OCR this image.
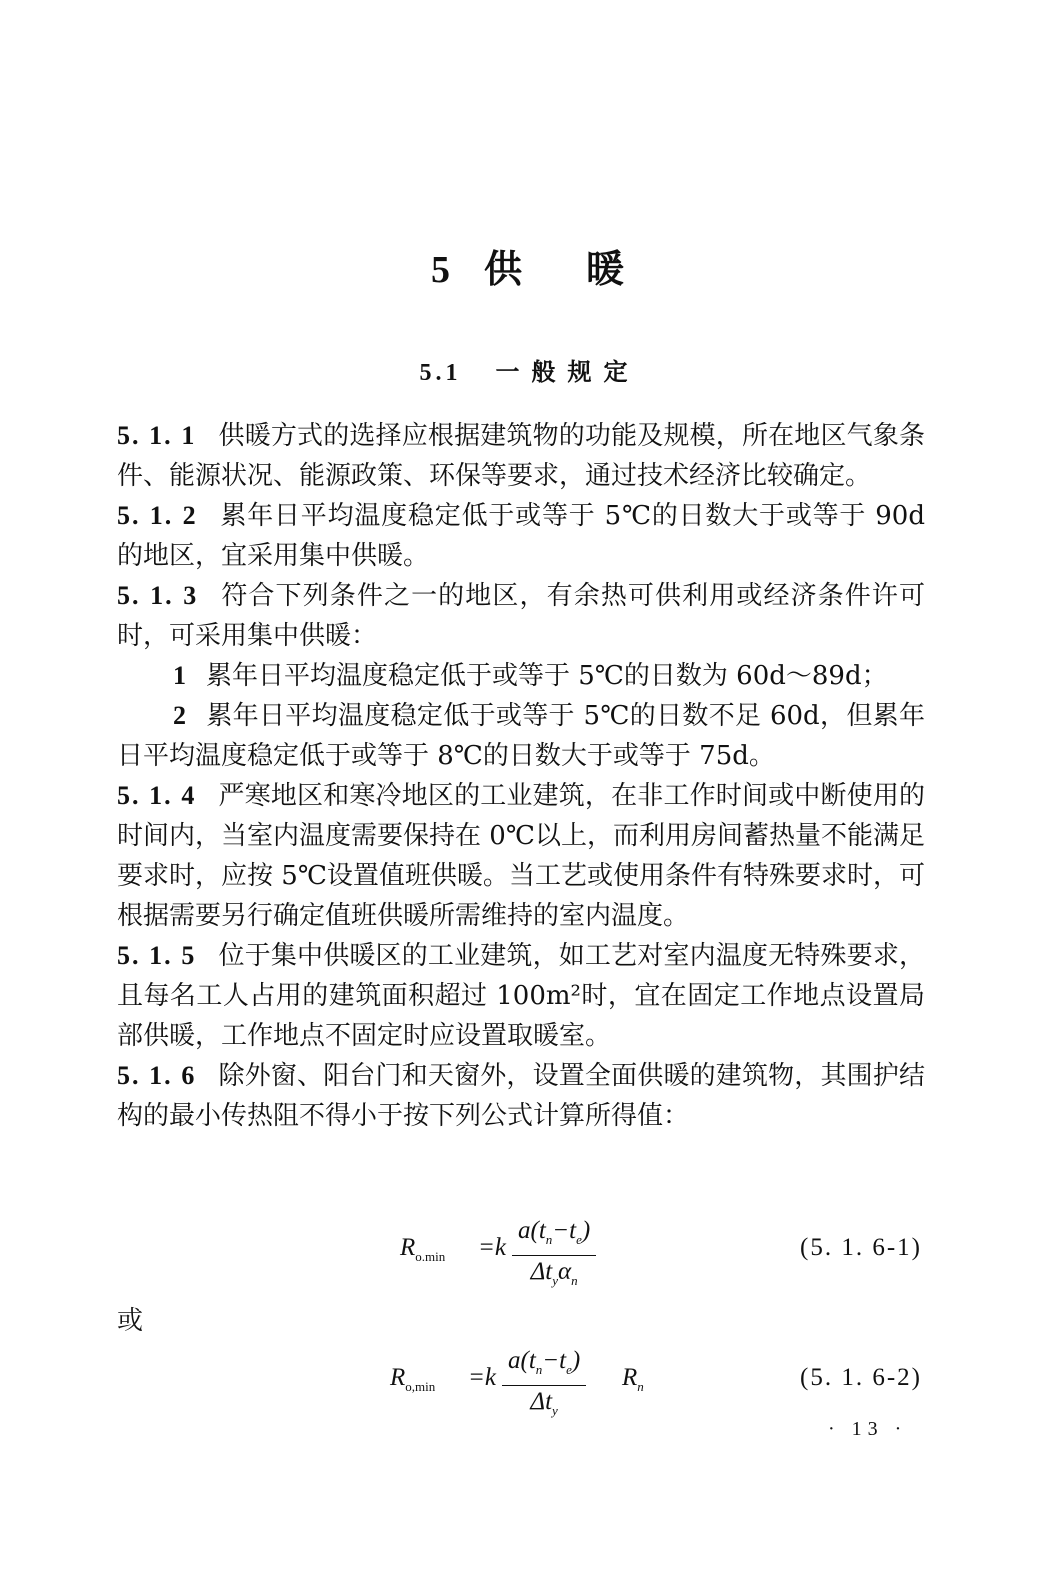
5 供 暖
5.1 一般规定

5. 1. 1 供暖方式的选择应根据建筑物的功能及规模，所在地区气象条件、能源状况、能源政策、环保等要求，通过技术经济比较确定。

5. 1. 2 累年日平均温度稳定低于或等于 5℃的日数大于或等于 90d 的地区，宜采用集中供暖。

5. 1. 3 符合下列条件之一的地区，有余热可供利用或经济条件许可时，可采用集中供暖：

1 累年日平均温度稳定低于或等于 5℃的日数为 60d～89d；

2 累年日平均温度稳定低于或等于 5℃的日数不足 60d，但累年日平均温度稳定低于或等于 8℃的日数大于或等于 75d。

5. 1. 4 严寒地区和寒冷地区的工业建筑，在非工作时间或中断使用的时间内，当室内温度需要保持在 0℃以上，而利用房间蓄热量不能满足要求时，应按 5℃设置值班供暖。当工艺或使用条件有特殊要求时，可根据需要另行确定值班供暖所需维持的室内温度。

5. 1. 5 位于集中供暖区的工业建筑，如工艺对室内温度无特殊要求，且每名工人占用的建筑面积超过 100m²时，宜在固定工作地点设置局部供暖，工作地点不固定时应设置取暖室。

5. 1. 6 除外窗、阳台门和天窗外，设置全面供暖的建筑物，其围护结构的最小传热阻不得小于按下列公式计算所得值：

$R_{o.min} =k$
$a(t_n-t_e)$
$\Delta t_y\alpha_n$
(5. 1. 6-1)
或
$R_{o,min} =k$
$a(t_n-t_e)$
$\Delta t_y$
$R_n$	(5. 1. 6-2)
· 13 ·
